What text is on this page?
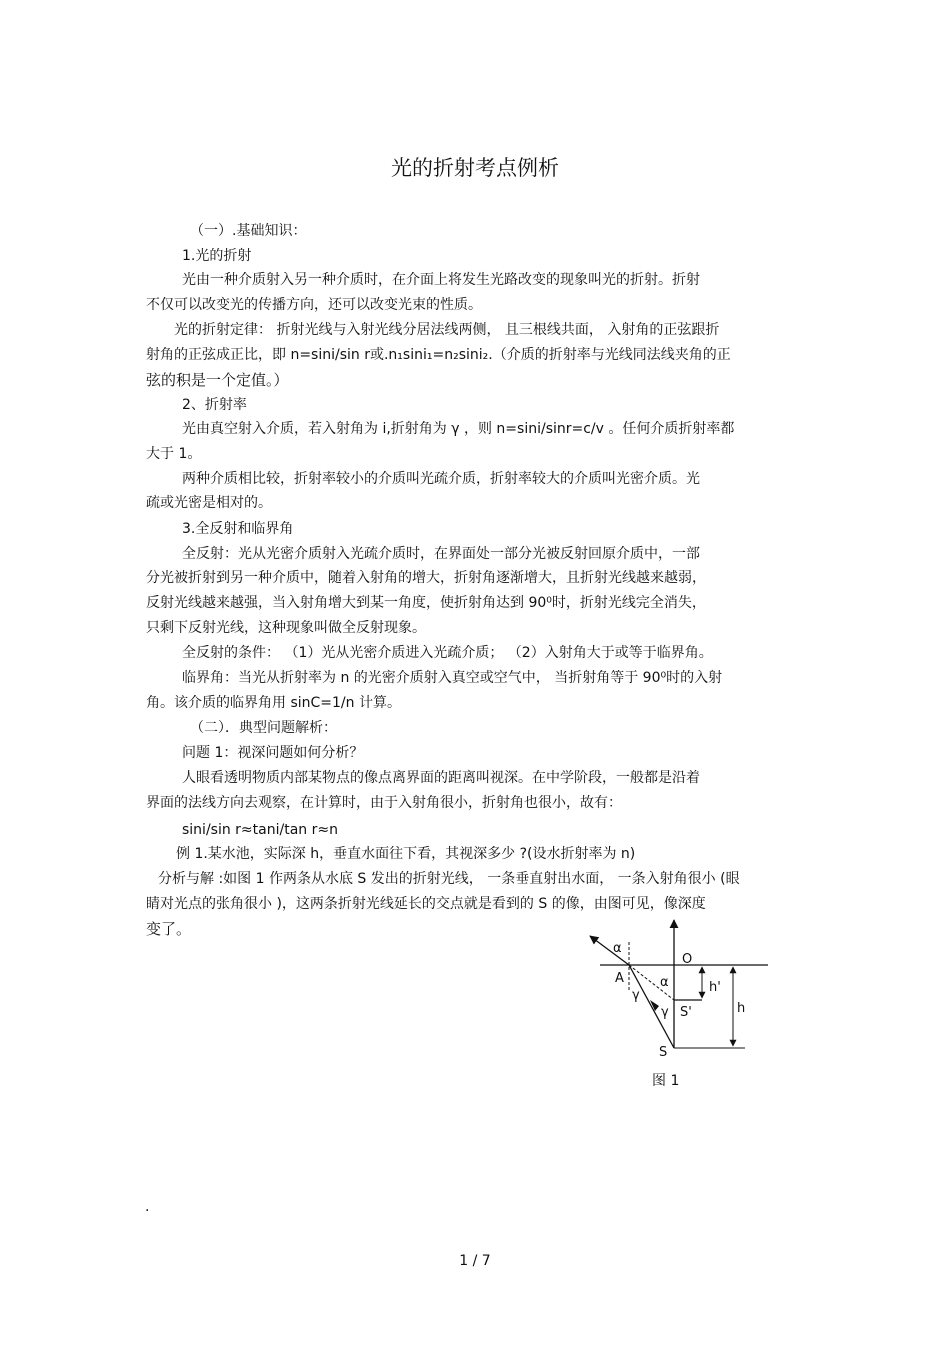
光的折射考点例析
（一）.基础知识：
1.光的折射
光由一种介质射入另一种介质时，在介面上将发生光路改变的现象叫光的折射。折射
不仅可以改变光的传播方向，还可以改变光束的性质。
光的折射定律： 折射光线与入射光线分居法线两侧， 且三根线共面， 入射角的正弦跟折
射角的正弦成正比，即 n=sini/sin r或.n₁sini₁=n₂sini₂.（介质的折射率与光线同法线夹角的正
弦的积是一个定值。）
2、折射率
光由真空射入介质，若入射角为 i,折射角为 γ ，则 n=sini/sinr=c/v 。任何介质折射率都
大于 1。
两种介质相比较，折射率较小的介质叫光疏介质，折射率较大的介质叫光密介质。光
疏或光密是相对的。
3.全反射和临界角
全反射：光从光密介质射入光疏介质时，在界面处一部分光被反射回原介质中，一部
分光被折射到另一种介质中，随着入射角的增大，折射角逐渐增大，且折射光线越来越弱，
反射光线越来越强，当入射角增大到某一角度，使折射角达到 90⁰时，折射光线完全消失，
只剩下反射光线，这种现象叫做全反射现象。
全反射的条件： （1）光从光密介质进入光疏介质； （2）入射角大于或等于临界角。
临界角：当光从折射率为 n 的光密介质射入真空或空气中， 当折射角等于 90⁰时的入射
角。该介质的临界角用 sinC=1/n 计算。
（二）．典型问题解析：
问题 1：视深问题如何分析？
人眼看透明物质内部某物点的像点离界面的距离叫视深。在中学阶段，一般都是沿着
界面的法线方向去观察，在计算时，由于入射角很小，折射角也很小，故有：
sini/sin r≈tani/tan r≈n
例 1.某水池，实际深 h，垂直水面往下看，其视深多少 ?(设水折射率为 n)
分析与解 :如图 1 作两条从水底 S 发出的折射光线， 一条垂直射出水面， 一条入射角很小 (眼
睛对光点的张角很小 )，这两条折射光线延长的交点就是看到的 S 的像，由图可见，像深度
变了。
α
O
A	α
γ
h'
h
S'
γ
S
图 1
.
1 / 7
